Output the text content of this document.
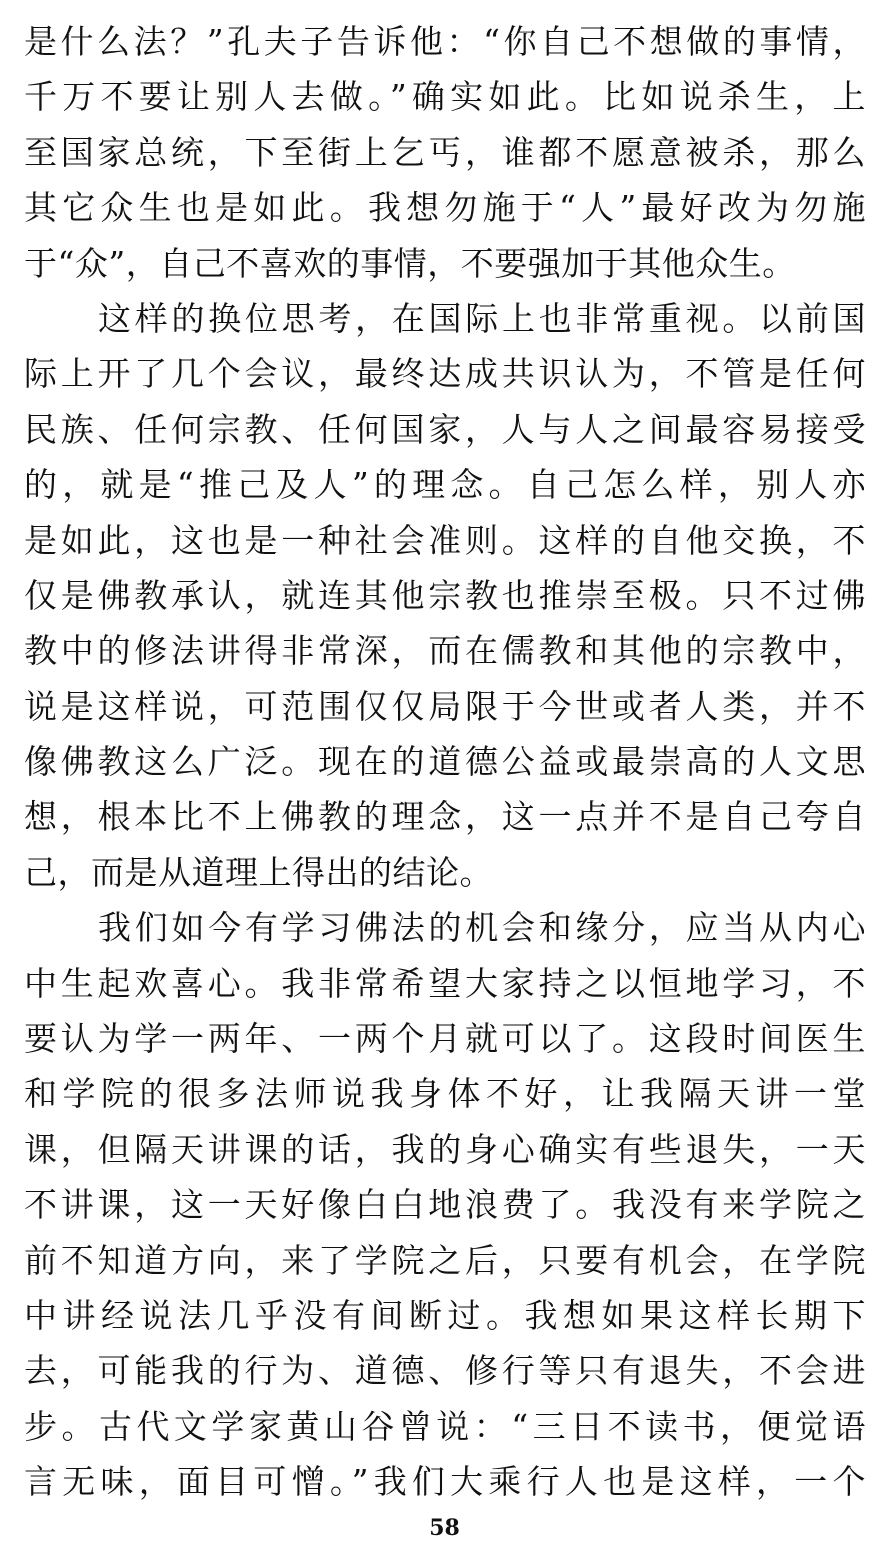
是什么法？”孔夫子告诉他：“你自己不想做的事情，
千万不要让别人去做。”确实如此。比如说杀生，上
至国家总统，下至街上乞丐，谁都不愿意被杀，那么
其它众生也是如此。我想勿施于“人”最好改为勿施
于“众”，自己不喜欢的事情，不要强加于其他众生。
这样的换位思考，在国际上也非常重视。以前国
际上开了几个会议，最终达成共识认为，不管是任何
民族、任何宗教、任何国家，人与人之间最容易接受
的，就是“推己及人”的理念。自己怎么样，别人亦
是如此，这也是一种社会准则。这样的自他交换，不
仅是佛教承认，就连其他宗教也推崇至极。只不过佛
教中的修法讲得非常深，而在儒教和其他的宗教中，
说是这样说，可范围仅仅局限于今世或者人类，并不
像佛教这么广泛。现在的道德公益或最崇高的人文思
想，根本比不上佛教的理念，这一点并不是自己夸自
己，而是从道理上得出的结论。
我们如今有学习佛法的机会和缘分，应当从内心
中生起欢喜心。我非常希望大家持之以恒地学习，不
要认为学一两年、一两个月就可以了。这段时间医生
和学院的很多法师说我身体不好，让我隔天讲一堂
课，但隔天讲课的话，我的身心确实有些退失，一天
不讲课，这一天好像白白地浪费了。我没有来学院之
前不知道方向，来了学院之后，只要有机会，在学院
中讲经说法几乎没有间断过。我想如果这样长期下
去，可能我的行为、道德、修行等只有退失，不会进
步。古代文学家黄山谷曾说：“三日不读书，便觉语
言无味，面目可憎。”我们大乘行人也是这样，一个
58
